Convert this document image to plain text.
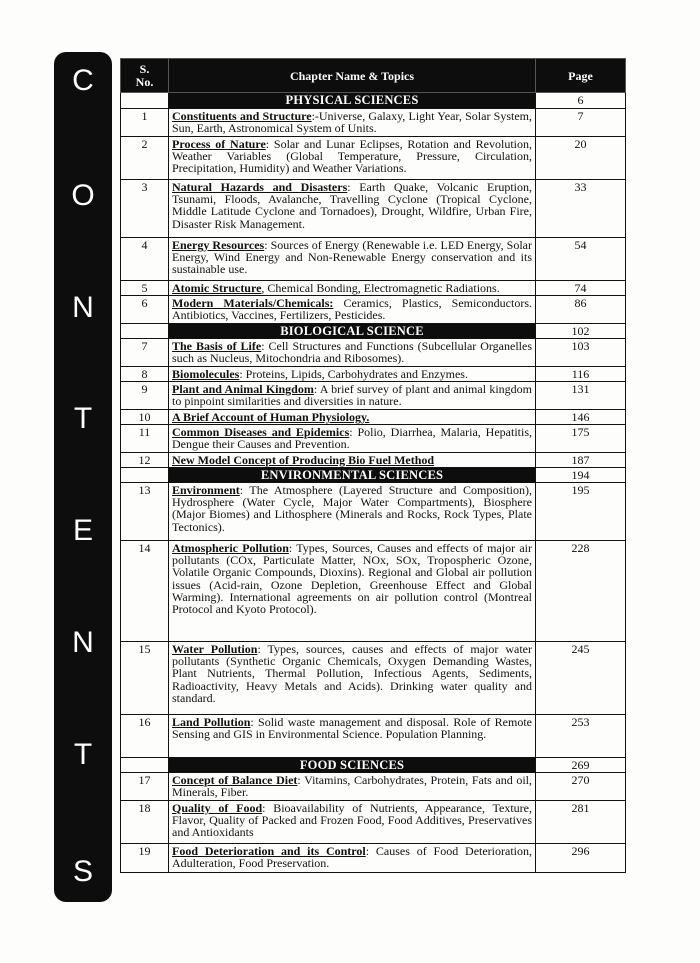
C
O
N
T
E
N
T
S
S.
No.	Chapter Name & Topics	Page
	PHYSICAL SCIENCES	6
1	Constituents and Structure:-Universe, Galaxy, Light Year, Solar System, Sun, Earth, Astronomical System of Units.	7
2	Process of Nature: Solar and Lunar Eclipses, Rotation and Revolution, Weather Variables (Global Temperature, Pressure, Circulation, Precipitation, Humidity) and Weather Variations.	20
3	Natural Hazards and Disasters: Earth Quake, Volcanic Eruption, Tsunami, Floods, Avalanche, Travelling Cyclone (Tropical Cyclone, Middle Latitude Cyclone and Tornadoes), Drought, Wildfire, Urban Fire, Disaster Risk Management.	33
4	Energy Resources: Sources of Energy (Renewable i.e. LED Energy, Solar Energy, Wind Energy and Non-Renewable Energy conservation and its sustainable use.	54
5	Atomic Structure, Chemical Bonding, Electromagnetic Radiations.	74
6	Modern Materials/Chemicals: Ceramics, Plastics, Semiconductors. Antibiotics, Vaccines, Fertilizers, Pesticides.	86
	BIOLOGICAL SCIENCE	102
7	The Basis of Life: Cell Structures and Functions (Subcellular Organelles such as Nucleus, Mitochondria and Ribosomes).	103
8	Biomolecules: Proteins, Lipids, Carbohydrates and Enzymes.	116
9	Plant and Animal Kingdom: A brief survey of plant and animal kingdom to pinpoint similarities and diversities in nature.	131
10	A Brief Account of Human Physiology.	146
11	Common Diseases and Epidemics: Polio, Diarrhea, Malaria, Hepatitis, Dengue their Causes and Prevention.	175
12	New Model Concept of Producing Bio Fuel Method	187
	ENVIRONMENTAL SCIENCES	194
13	Environment: The Atmosphere (Layered Structure and Composition), Hydrosphere (Water Cycle, Major Water Compartments), Biosphere (Major Biomes) and Lithosphere (Minerals and Rocks, Rock Types, Plate Tectonics).	195
14	Atmospheric Pollution: Types, Sources, Causes and effects of major air pollutants (COx, Particulate Matter, NOx, SOx, Tropospheric Ozone, Volatile Organic Compounds, Dioxins). Regional and Global air pollution issues (Acid-rain, Ozone Depletion, Greenhouse Effect and Global Warming). International agreements on air pollution control (Montreal Protocol and Kyoto Protocol).	228
15	Water Pollution: Types, sources, causes and effects of major water pollutants (Synthetic Organic Chemicals, Oxygen Demanding Wastes, Plant Nutrients, Thermal Pollution, Infectious Agents, Sediments, Radioactivity, Heavy Metals and Acids). Drinking water quality and standard.	245
16	Land Pollution: Solid waste management and disposal. Role of Remote Sensing and GIS in Environmental Science. Population Planning.	253
	FOOD SCIENCES	269
17	Concept of Balance Diet: Vitamins, Carbohydrates, Protein, Fats and oil, Minerals, Fiber.	270
18	Quality of Food: Bioavailability of Nutrients, Appearance, Texture, Flavor, Quality of Packed and Frozen Food, Food Additives, Preservatives and Antioxidants	281
19	Food Deterioration and its Control: Causes of Food Deterioration, Adulteration, Food Preservation.	296
